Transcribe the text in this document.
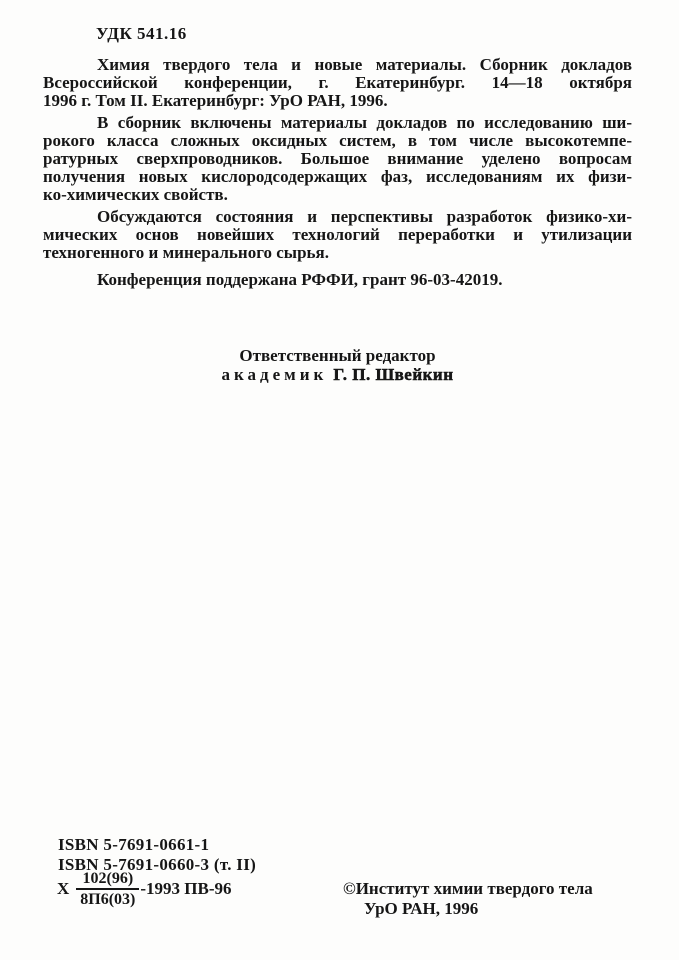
УДК 541.16
Химия твердого тела и новые материалы. Сборник докладов
Всероссийской конференции, г. Екатеринбург. 14—18 октября
1996 г. Том II. Екатеринбург: УрО РАН, 1996.
В сборник включены материалы докладов по исследованию ши-
рокого класса сложных оксидных систем, в том числе высокотемпе-
ратурных сверхпроводников. Большое внимание уделено вопросам
получения новых кислородсодержащих фаз, исследованиям их физи-
ко-химических свойств.
Обсуждаются состояния и перспективы разработок физико-хи-
мических основ новейших технологий переработки и утилизации
техногенного и минерального сырья.
Конференция поддержана РФФИ, грант 96-03-42019.
Ответственный редактор
академик Г. П. Швейкин
ISBN 5-7691-0661-1
ISBN 5-7691-0660-3 (т. II)
Х $\frac{102(96)}{8П6(03)} -1993$ ПВ-96	©Институт химии твердого тела
УрО РАН, 1996
